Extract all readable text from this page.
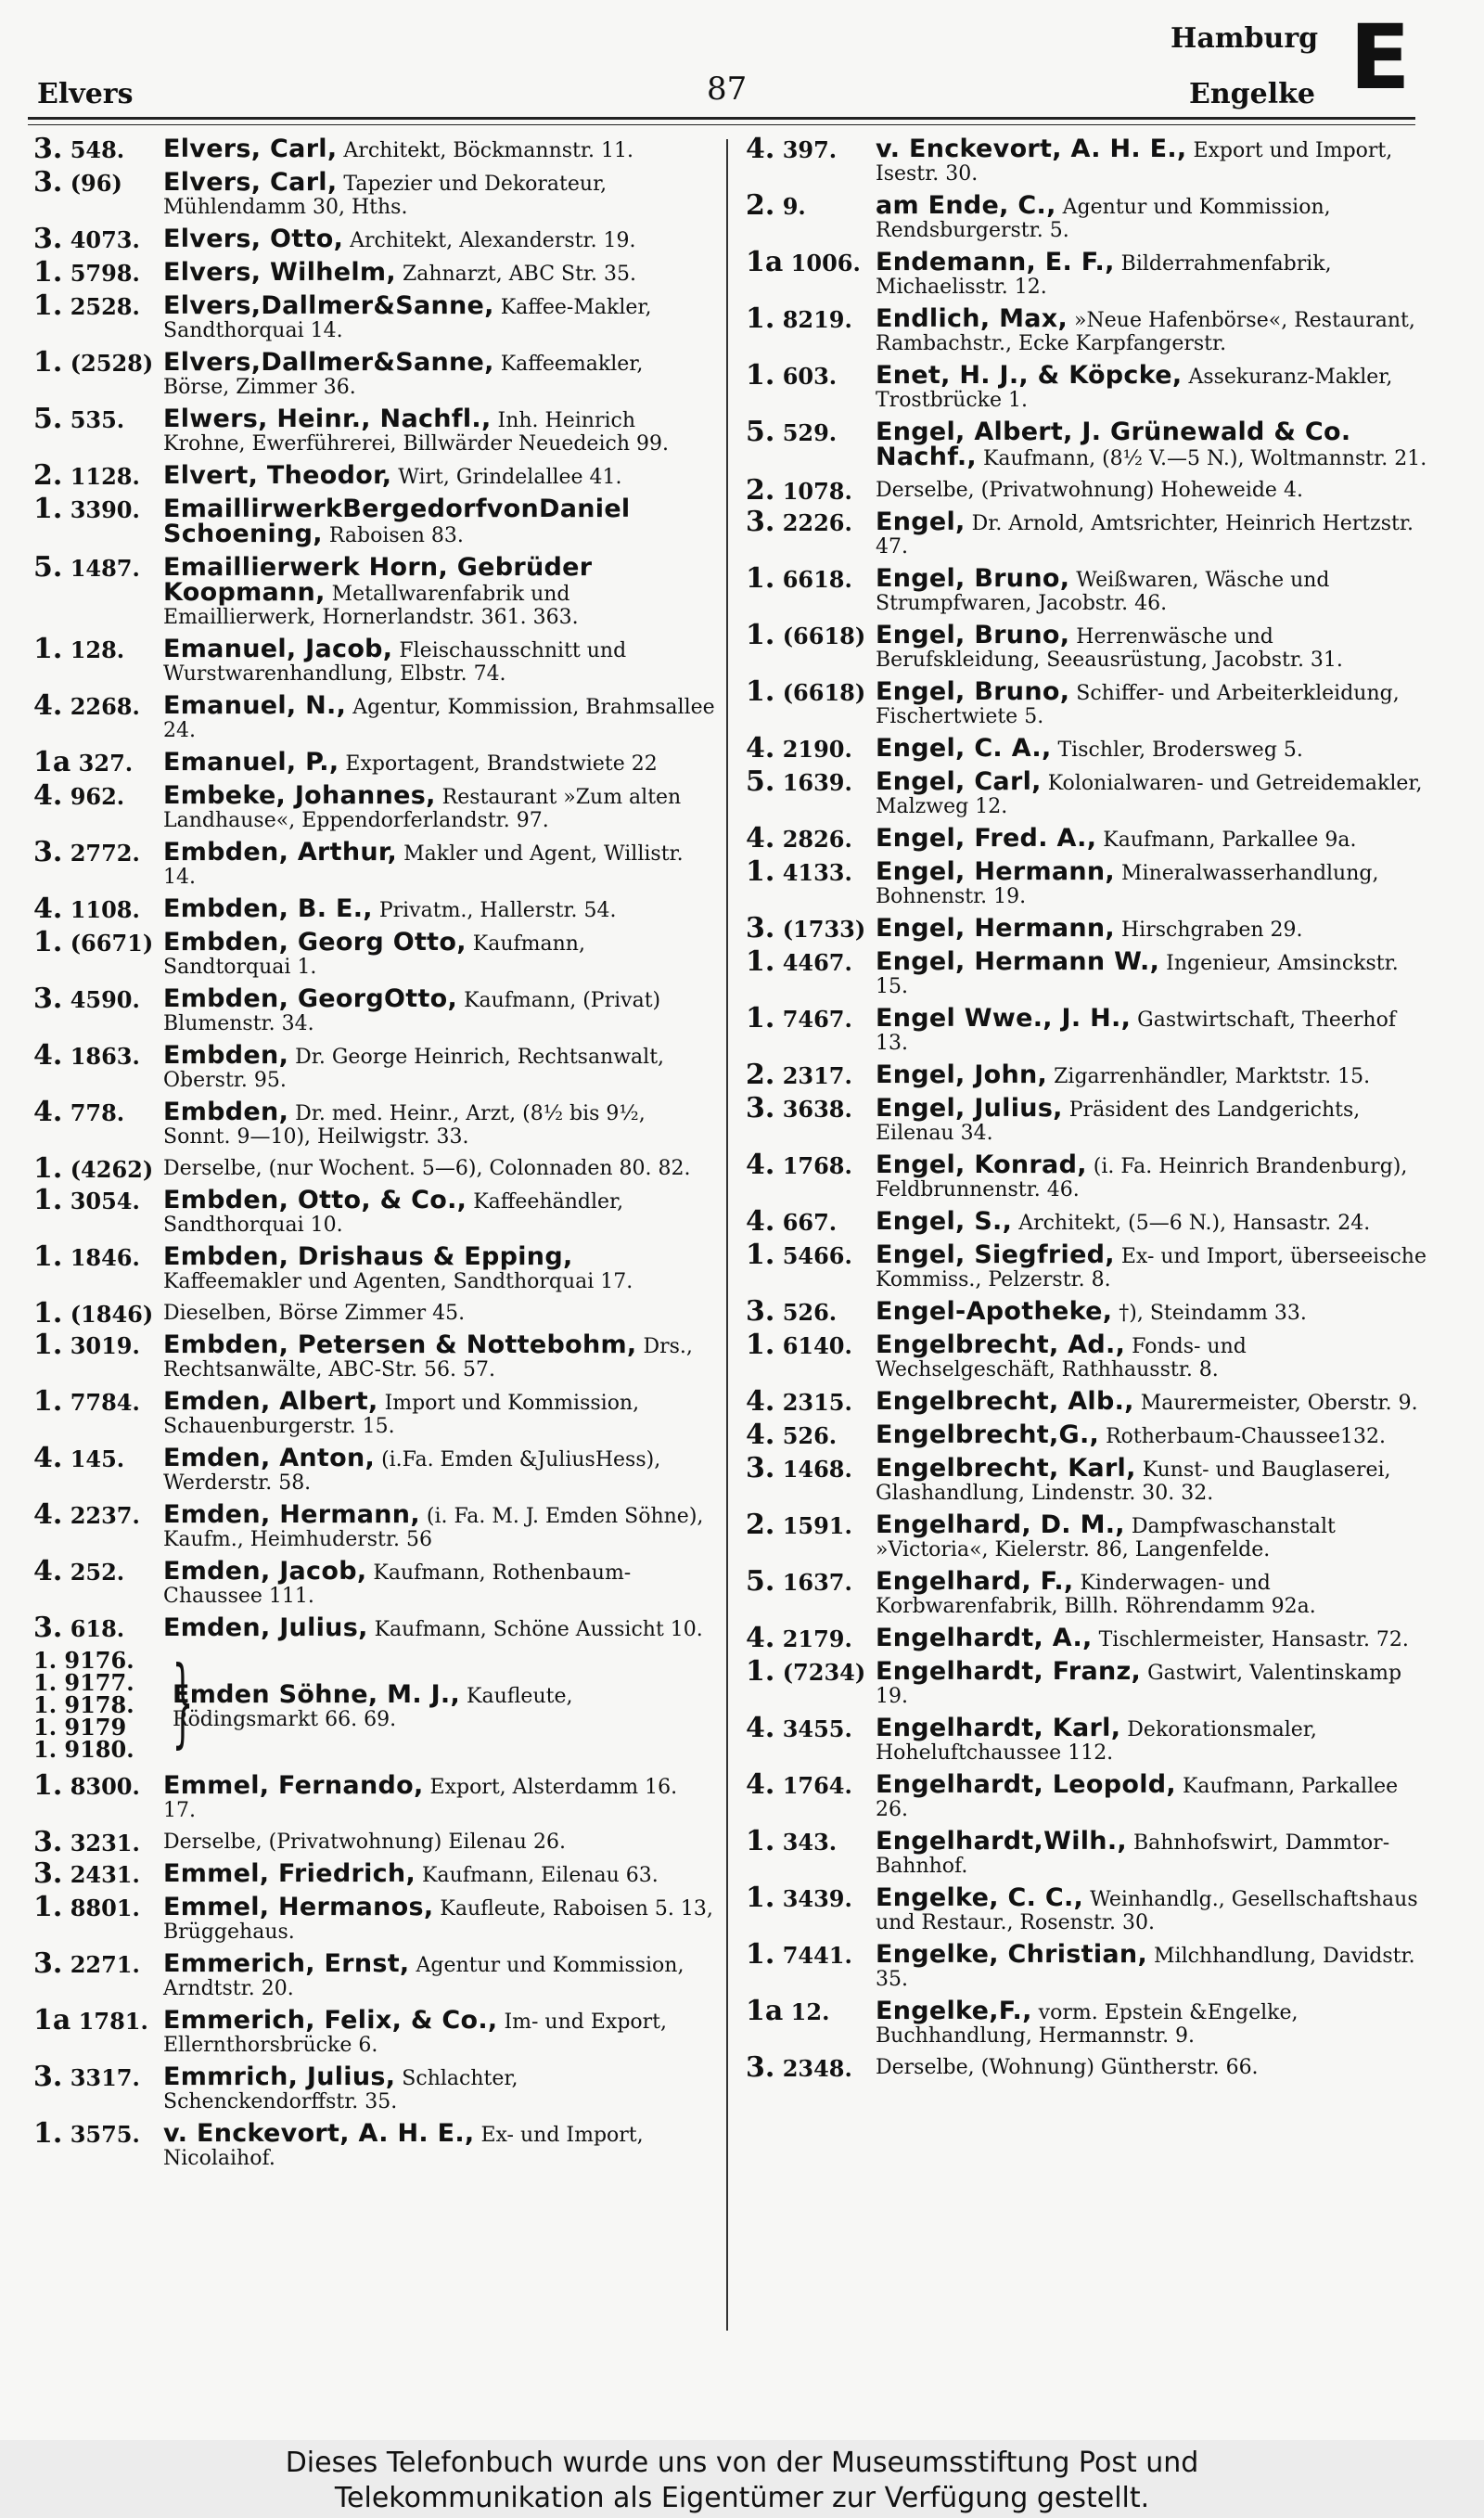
Elvers	87
Hamburg
Engelke E
3. 548.	Elvers, Carl, Architekt, Böckmannstr. 11.
3. (96)	Elvers, Carl, Tapezier und Dekorateur, Mühlendamm 30, Hths.
3. 4073. Elvers, Otto, Architekt, Alexanderstr. 19.
1. 5798. Elvers, Wilhelm, Zahnarzt, ABC Str. 35.
1. 2528. Elvers,Dallmer&Sanne, Kaffee-Makler, Sandthorquai 14.
1. (2528) Elvers,Dallmer&Sanne, Kaffeemakler, Börse, Zimmer 36.
5. 535.	Elwers, Heinr., Nachfl., Inh. Heinrich Krohne, Ewerführerei, Billwärder Neuedeich 99.
2. 1128. Elvert, Theodor, Wirt, Grindelallee 41.
1. 3390. EmaillirwerkBergedorfvonDaniel Schoening, Raboisen 83.
5. 1487. Emaillierwerk Horn, Gebrüder Koopmann, Metallwarenfabrik und Emaillierwerk, Hornerlandstr. 361. 363.
1. 128.	Emanuel, Jacob, Fleischausschnitt und Wurstwarenhandlung, Elbstr. 74.
4. 2268. Emanuel, N., Agentur, Kommission, Brahmsallee 24.
1a 327.	Emanuel, P., Exportagent, Brandstwiete 22
4. 962.	Embeke, Johannes, Restaurant »Zum alten Landhause«, Eppendorferlandstr. 97.
3. 2772. Embden, Arthur, Makler und Agent, Willistr. 14.
4. 1108. Embden, B. E., Privatm., Hallerstr. 54.
1. (6671) Embden, Georg Otto, Kaufmann, Sandtorquai 1.
3. 4590. Embden, GeorgOtto, Kaufmann, (Privat) Blumenstr. 34.
4. 1863. Embden, Dr. George Heinrich, Rechtsanwalt, Oberstr. 95.
4. 778.	Embden, Dr. med. Heinr., Arzt, (8½ bis 9½, Sonnt. 9—10), Heilwigstr. 33.
1. (4262) Derselbe, (nur Wochent. 5—6), Colonnaden 80. 82.
1. 3054. Embden, Otto, & Co., Kaffeehändler, Sandthorquai 10.
1. 1846. Embden, Drishaus & Epping, Kaffeemakler und Agenten, Sandthorquai 17.
1. (1846) Dieselben, Börse Zimmer 45.
1. 3019. Embden, Petersen & Nottebohm, Drs., Rechtsanwälte, ABC-Str. 56. 57.
1. 7784. Emden, Albert, Import und Kommission, Schauenburgerstr. 15.
4. 145.	Emden, Anton, (i.Fa. Emden &JuliusHess), Werderstr. 58.
4. 2237. Emden, Hermann, (i. Fa. M. J. Emden Söhne), Kaufm., Heimhuderstr. 56
4. 252.	Emden, Jacob, Kaufmann, Rothenbaum-Chaussee 111.
3. 618.	Emden, Julius, Kaufmann, Schöne Aussicht 10.
1. 9176.
1. 9177.
1. 9178.
1. 9179
1. 9180. }
Emden Söhne, M. J., Kaufleute, Rödingsmarkt 66. 69.
1. 8300. Emmel, Fernando, Export, Alsterdamm 16. 17.
3. 3231.	Derselbe, (Privatwohnung) Eilenau 26.
3. 2431. Emmel, Friedrich, Kaufmann, Eilenau 63.
1. 8801. Emmel, Hermanos, Kaufleute, Raboisen 5. 13, Brüggehaus.
3. 2271. Emmerich, Ernst, Agentur und Kommission, Arndtstr. 20.
1a 1781. Emmerich, Felix, & Co., Im- und Export, Ellernthorsbrücke 6.
3. 3317. Emmrich, Julius, Schlachter, Schenckendorffstr. 35.
1. 3575. v. Enckevort, A. H. E., Ex- und Import, Nicolaihof.
4. 397.	v. Enckevort, A. H. E., Export und Import, Isestr. 30.
2. 9.	am Ende, C., Agentur und Kommission, Rendsburgerstr. 5.
1a 1006. Endemann, E. F., Bilderrahmenfabrik, Michaelisstr. 12.
1. 8219. Endlich, Max, »Neue Hafenbörse«, Restaurant, Rambachstr., Ecke Karpfangerstr.
1. 603.	Enet, H. J., & Köpcke, Assekuranz-Makler, Trostbrücke 1.
5. 529.	Engel, Albert, J. Grünewald & Co. Nachf., Kaufmann, (8½ V.—5 N.), Woltmannstr. 21.
2. 1078.	Derselbe, (Privatwohnung) Hoheweide 4.
3. 2226. Engel, Dr. Arnold, Amtsrichter, Heinrich Hertzstr. 47.
1. 6618. Engel, Bruno, Weißwaren, Wäsche und Strumpfwaren, Jacobstr. 46.
1. (6618) Engel, Bruno, Herrenwäsche und Berufskleidung, Seeausrüstung, Jacobstr. 31.
1. (6618) Engel, Bruno, Schiffer- und Arbeiterkleidung, Fischertwiete 5.
4. 2190. Engel, C. A., Tischler, Brodersweg 5.
5. 1639. Engel, Carl, Kolonialwaren- und Getreidemakler, Malzweg 12.
4. 2826. Engel, Fred. A., Kaufmann, Parkallee 9a.
1. 4133. Engel, Hermann, Mineralwasserhandlung, Bohnenstr. 19.
3. (1733) Engel, Hermann, Hirschgraben 29.
1. 4467. Engel, Hermann W., Ingenieur, Amsinckstr. 15.
1. 7467. Engel Wwe., J. H., Gastwirtschaft, Theerhof 13.
2. 2317. Engel, John, Zigarrenhändler, Marktstr. 15.
3. 3638. Engel, Julius, Präsident des Landgerichts, Eilenau 34.
4. 1768. Engel, Konrad, (i. Fa. Heinrich Brandenburg), Feldbrunnenstr. 46.
4. 667.	Engel, S., Architekt, (5—6 N.), Hansastr. 24.
1. 5466. Engel, Siegfried, Ex- und Import, überseeische Kommiss., Pelzerstr. 8.
3. 526.	Engel-Apotheke, †), Steindamm 33.
1. 6140. Engelbrecht, Ad., Fonds- und Wechselgeschäft, Rathhausstr. 8.
4. 2315. Engelbrecht, Alb., Maurermeister, Oberstr. 9.
4. 526.	Engelbrecht,G., Rotherbaum-Chaussee132.
3. 1468. Engelbrecht, Karl, Kunst- und Bauglaserei, Glashandlung, Lindenstr. 30. 32.
2. 1591. Engelhard, D. M., Dampfwaschanstalt »Victoria«, Kielerstr. 86, Langenfelde.
5. 1637. Engelhard, F., Kinderwagen- und Korbwarenfabrik, Billh. Röhrendamm 92a.
4. 2179. Engelhardt, A., Tischlermeister, Hansastr. 72.
1. (7234) Engelhardt, Franz, Gastwirt, Valentinskamp 19.
4. 3455. Engelhardt, Karl, Dekorationsmaler, Hoheluftchaussee 112.
4. 1764. Engelhardt, Leopold, Kaufmann, Parkallee 26.
1. 343.	Engelhardt,Wilh., Bahnhofswirt, Dammtor-Bahnhof.
1. 3439. Engelke, C. C., Weinhandlg., Gesellschaftshaus und Restaur., Rosenstr. 30.
1. 7441. Engelke, Christian, Milchhandlung, Davidstr. 35.
1a 12.	Engelke,F., vorm. Epstein &Engelke, Buchhandlung, Hermannstr. 9.
3. 2348.	Derselbe, (Wohnung) Güntherstr. 66.
Dieses Telefonbuch wurde uns von der Museumsstiftung Post und
Telekommunikation als Eigentümer zur Verfügung gestellt.
